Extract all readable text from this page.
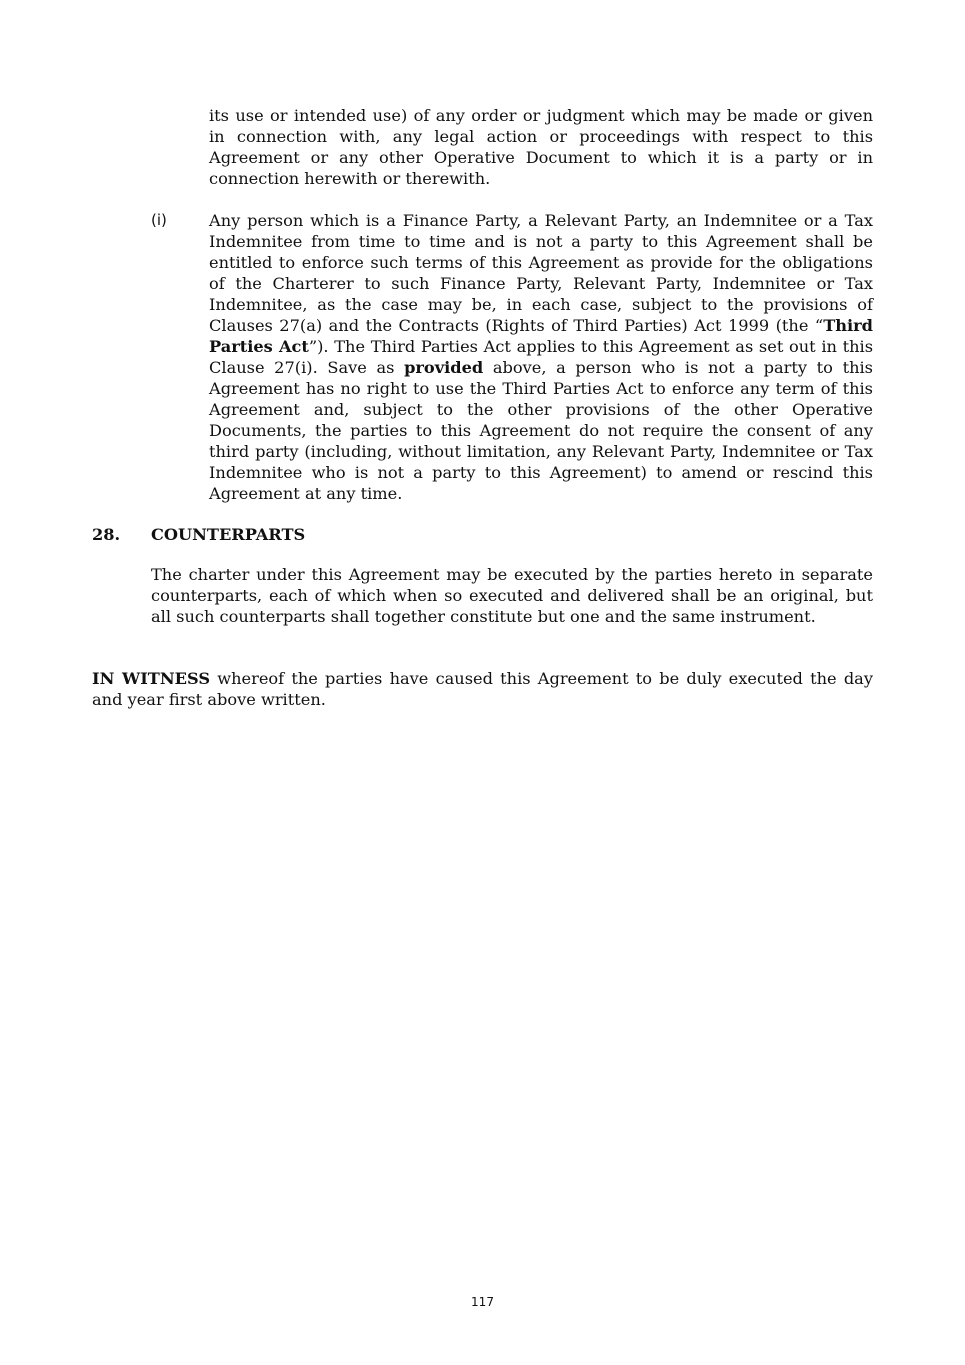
its use or intended use) of any order or judgment which may be made or given in connection with, any legal action or proceedings with respect to this Agreement or any other Operative Document to which it is a party or in connection herewith or therewith.
(i)	Any person which is a Finance Party, a Relevant Party, an Indemnitee or a Tax Indemnitee from time to time and is not a party to this Agreement shall be entitled to enforce such terms of this Agreement as provide for the obligations of the Charterer to such Finance Party, Relevant Party, Indemnitee or Tax Indemnitee, as the case may be, in each case, subject to the provisions of Clauses 27(a) and the Contracts (Rights of Third Parties) Act 1999 (the “Third Parties Act”). The Third Parties Act applies to this Agreement as set out in this Clause 27(i). Save as provided above, a person who is not a party to this Agreement has no right to use the Third Parties Act to enforce any term of this Agreement and, subject to the other provisions of the other Operative Documents, the parties to this Agreement do not require the consent of any third party (including, without limitation, any Relevant Party, Indemnitee or Tax Indemnitee who is not a party to this Agreement) to amend or rescind this Agreement at any time.
28. COUNTERPARTS
The charter under this Agreement may be executed by the parties hereto in separate counterparts, each of which when so executed and delivered shall be an original, but all such counterparts shall together constitute but one and the same instrument.
IN WITNESS whereof the parties have caused this Agreement to be duly executed the day and year first above written.
117
